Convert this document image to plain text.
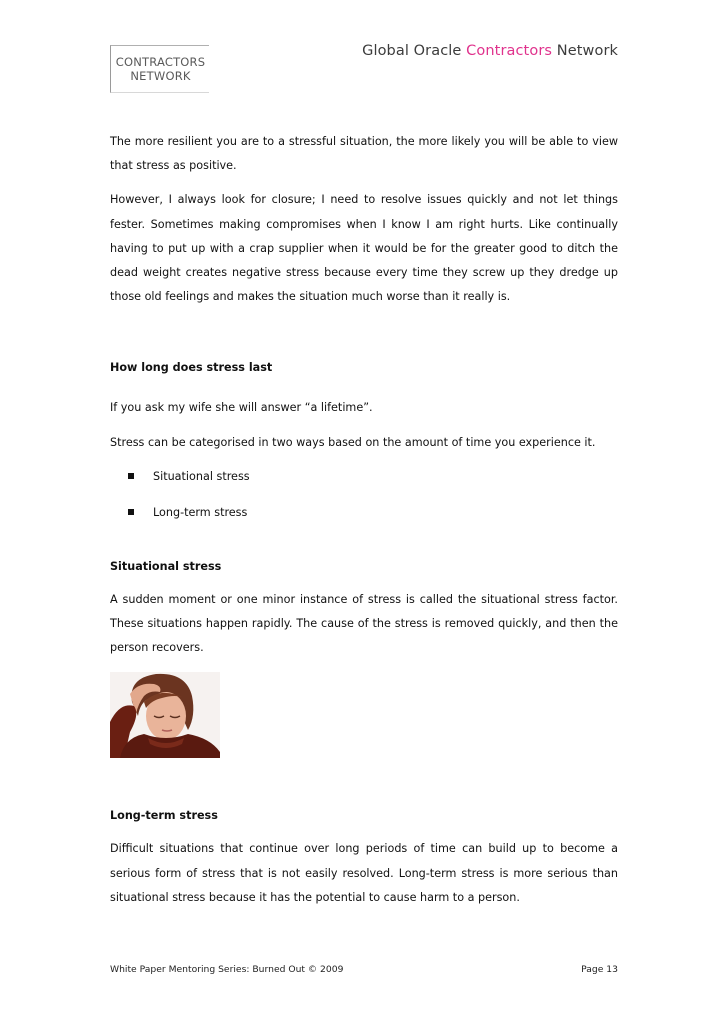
CONTRACTORS
NETWORK
Global Oracle Contractors Network

The more resilient you are to a stressful situation, the more likely you will be able to view that stress as positive.

However, I always look for closure; I need to resolve issues quickly and not let things fester. Sometimes making compromises when I know I am right hurts. Like continually having to put up with a crap supplier when it would be for the greater good to ditch the dead weight creates negative stress because every time they screw up they dredge up those old feelings and makes the situation much worse than it really is.

How long does stress last

If you ask my wife she will answer “a lifetime”.

Stress can be categorised in two ways based on the amount of time you experience it.

Situational stress
Long-term stress
Situational stress

A sudden moment or one minor instance of stress is called the situational stress factor. These situations happen rapidly. The cause of the stress is removed quickly, and then the person recovers.

Long-term stress

Difficult situations that continue over long periods of time can build up to become a serious form of stress that is not easily resolved. Long-term stress is more serious than situational stress because it has the potential to cause harm to a person.

White Paper Mentoring Series: Burned Out © 2009	Page 13
